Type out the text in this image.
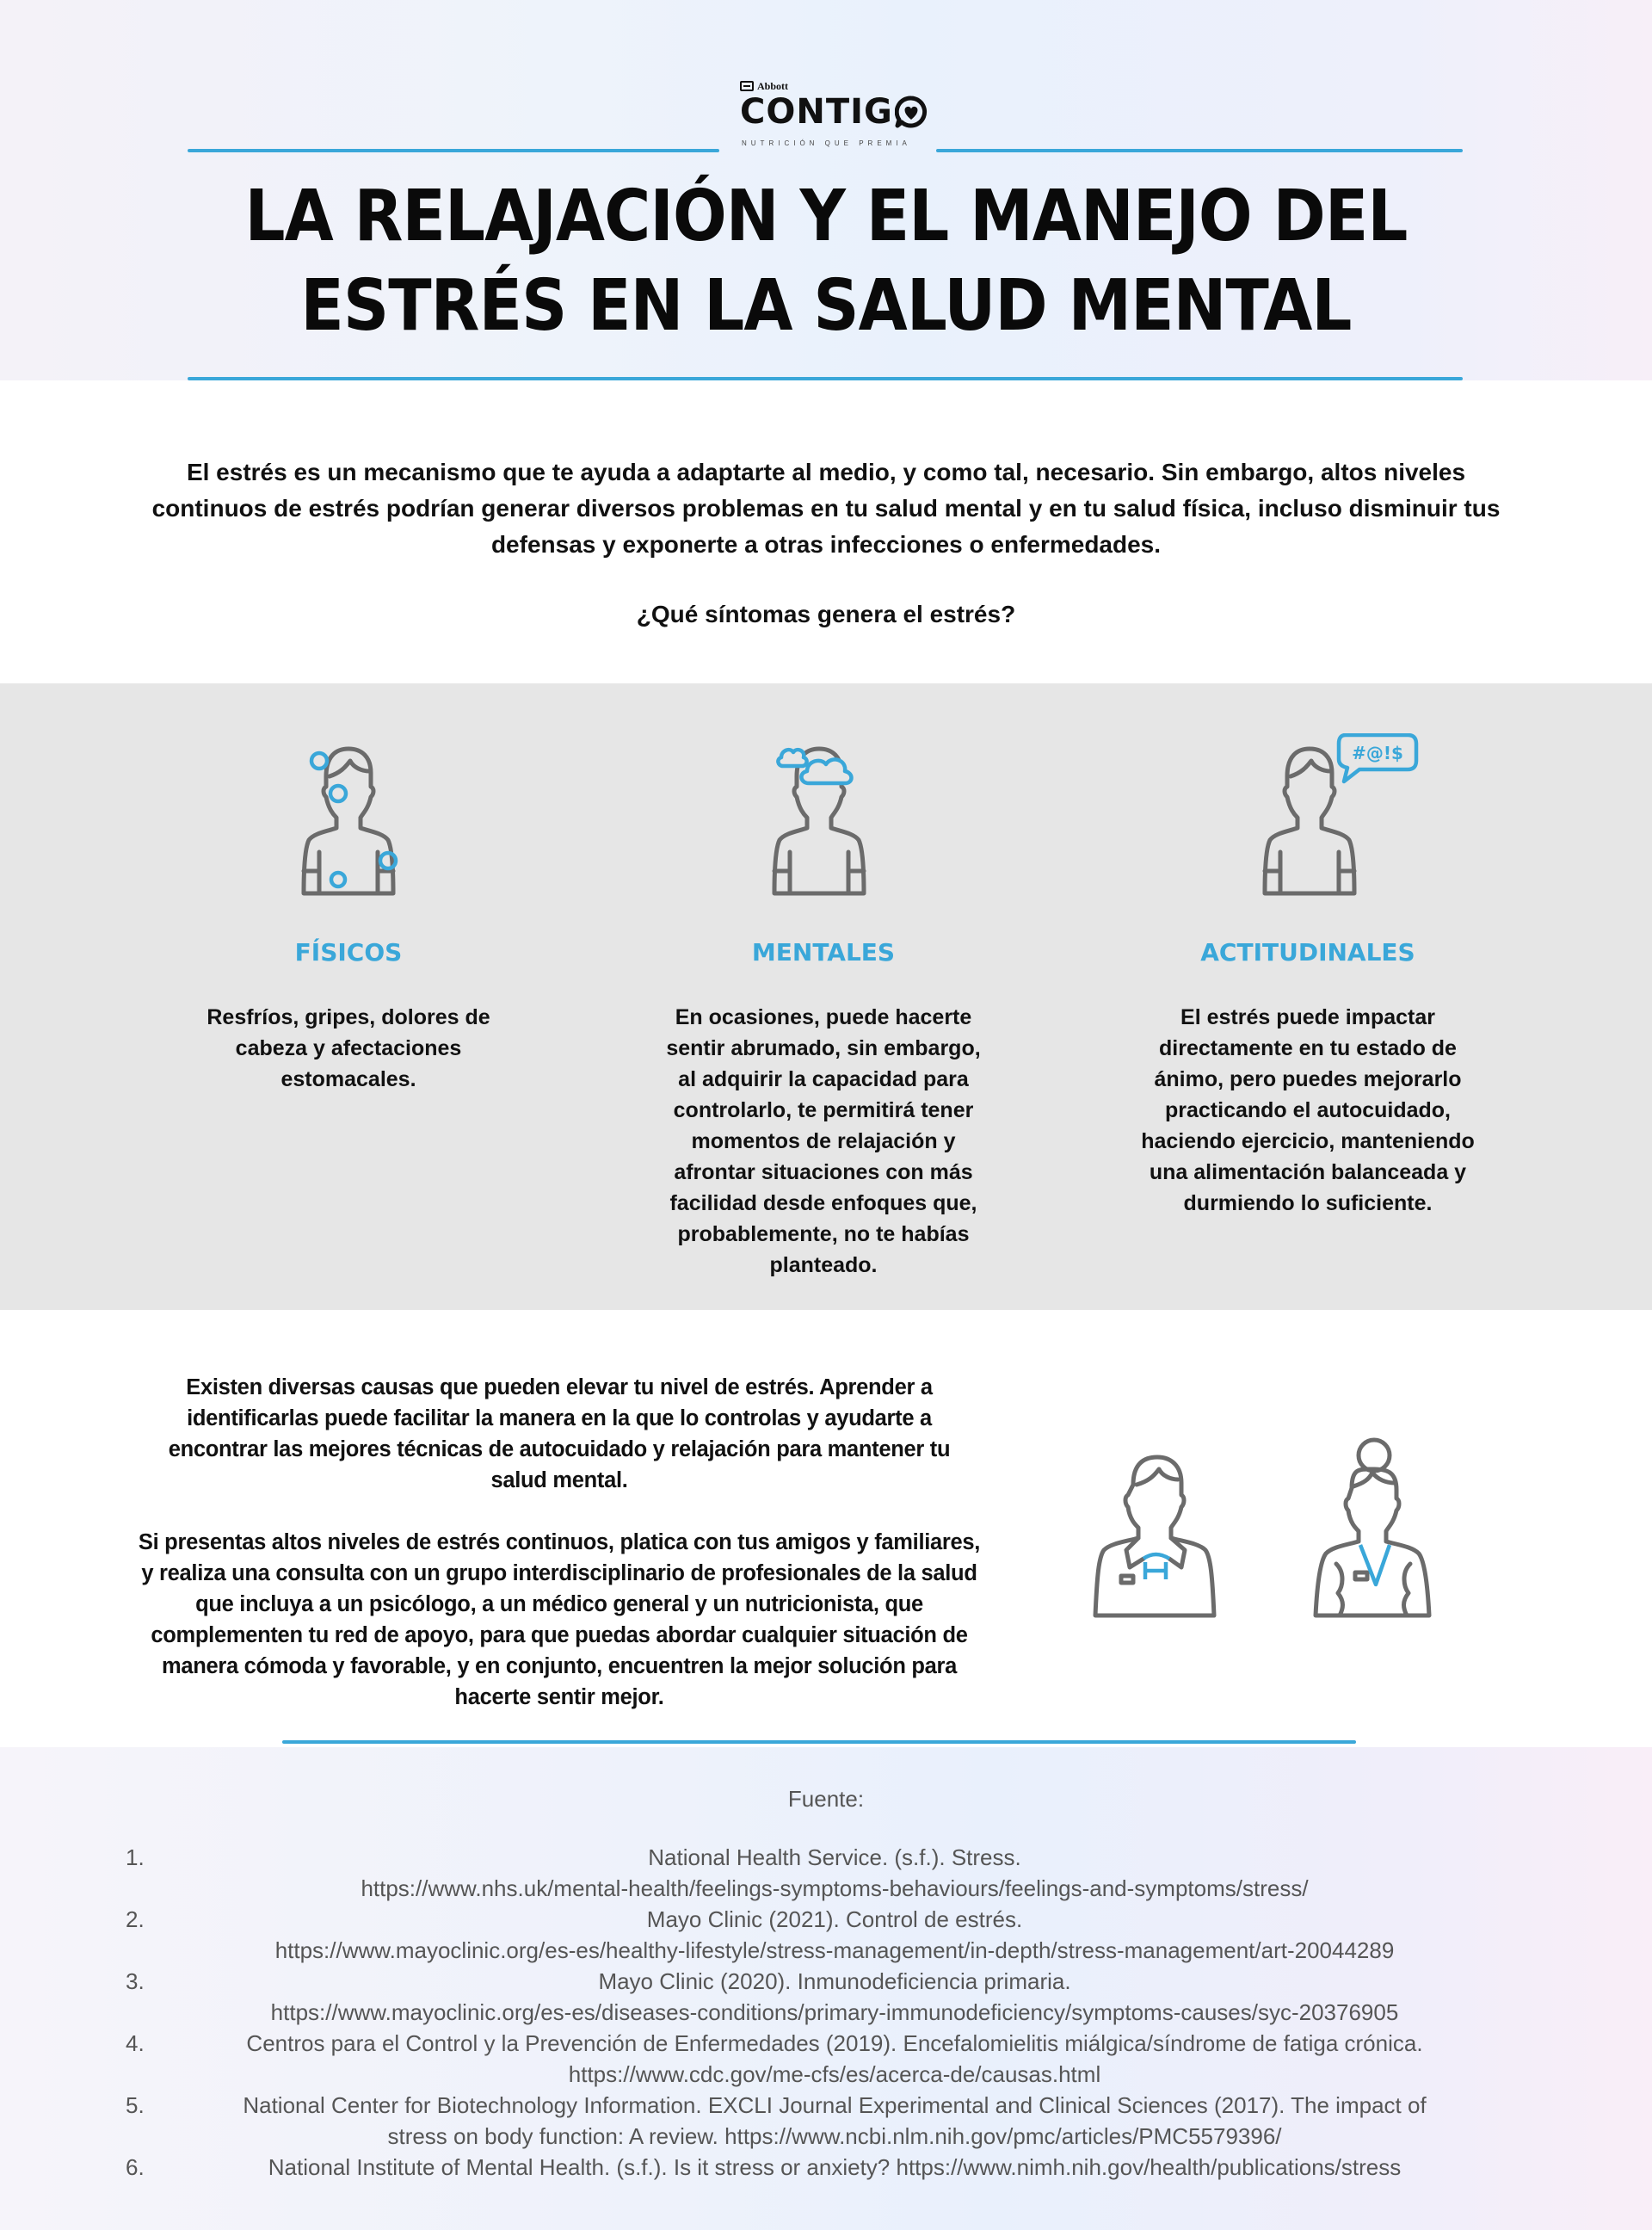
Abbott
CONTIG
NUTRICIÓN QUE PREMIA
LA RELAJACIÓN Y EL MANEJO DEL
ESTRÉS EN LA SALUD MENTAL
El estrés es un mecanismo que te ayuda a adaptarte al medio, y como tal, necesario. Sin embargo, altos niveles continuos de estrés podrían generar diversos problemas en tu salud mental y en tu salud física, incluso disminuir tus defensas y exponerte a otras infecciones o enfermedades.
¿Qué síntomas genera el estrés?
FÍSICOS

Resfríos, gripes, dolores de cabeza y afectaciones estomacales.

MENTALES

En ocasiones, puede hacerte sentir abrumado, sin embargo, al adquirir la capacidad para controlarlo, te permitirá tener momentos de relajación y afrontar situaciones con más facilidad desde enfoques que, probablemente, no te habías planteado.

#@!$
ACTITUDINALES

El estrés puede impactar directamente en tu estado de ánimo, pero puedes mejorarlo practicando el autocuidado, haciendo ejercicio, manteniendo una alimentación balanceada y durmiendo lo suficiente.

Existen diversas causas que pueden elevar tu nivel de estrés. Aprender a identificarlas puede facilitar la manera en la que lo controlas y ayudarte a encontrar las mejores técnicas de autocuidado y relajación para mantener tu salud mental.
Si presentas altos niveles de estrés continuos, platica con tus amigos y familiares, y realiza una consulta con un grupo interdisciplinario de profesionales de la salud que incluya a un psicólogo, a un médico general y un nutricionista, que complementen tu red de apoyo, para que puedas abordar cualquier situación de manera cómoda y favorable, y en conjunto, encuentren la mejor solución para hacerte sentir mejor.
Fuente:
1.	National Health Service. (s.f.). Stress.
https://www.nhs.uk/mental-health/feelings-symptoms-behaviours/feelings-and-symptoms/stress/
2.	Mayo Clinic (2021). Control de estrés.
https://www.mayoclinic.org/es-es/healthy-lifestyle/stress-management/in-depth/stress-management/art-20044289
3.	Mayo Clinic (2020). Inmunodeficiencia primaria.
https://www.mayoclinic.org/es-es/diseases-conditions/primary-immunodeficiency/symptoms-causes/syc-20376905
4.	Centros para el Control y la Prevención de Enfermedades (2019). Encefalomielitis miálgica/síndrome de fatiga crónica.
https://www.cdc.gov/me-cfs/es/acerca-de/causas.html
5.	National Center for Biotechnology Information. EXCLI Journal Experimental and Clinical Sciences (2017). The impact of
stress on body function: A review. https://www.ncbi.nlm.nih.gov/pmc/articles/PMC5579396/
6.	National Institute of Mental Health. (s.f.). Is it stress or anxiety? https://www.nimh.nih.gov/health/publications/stress
